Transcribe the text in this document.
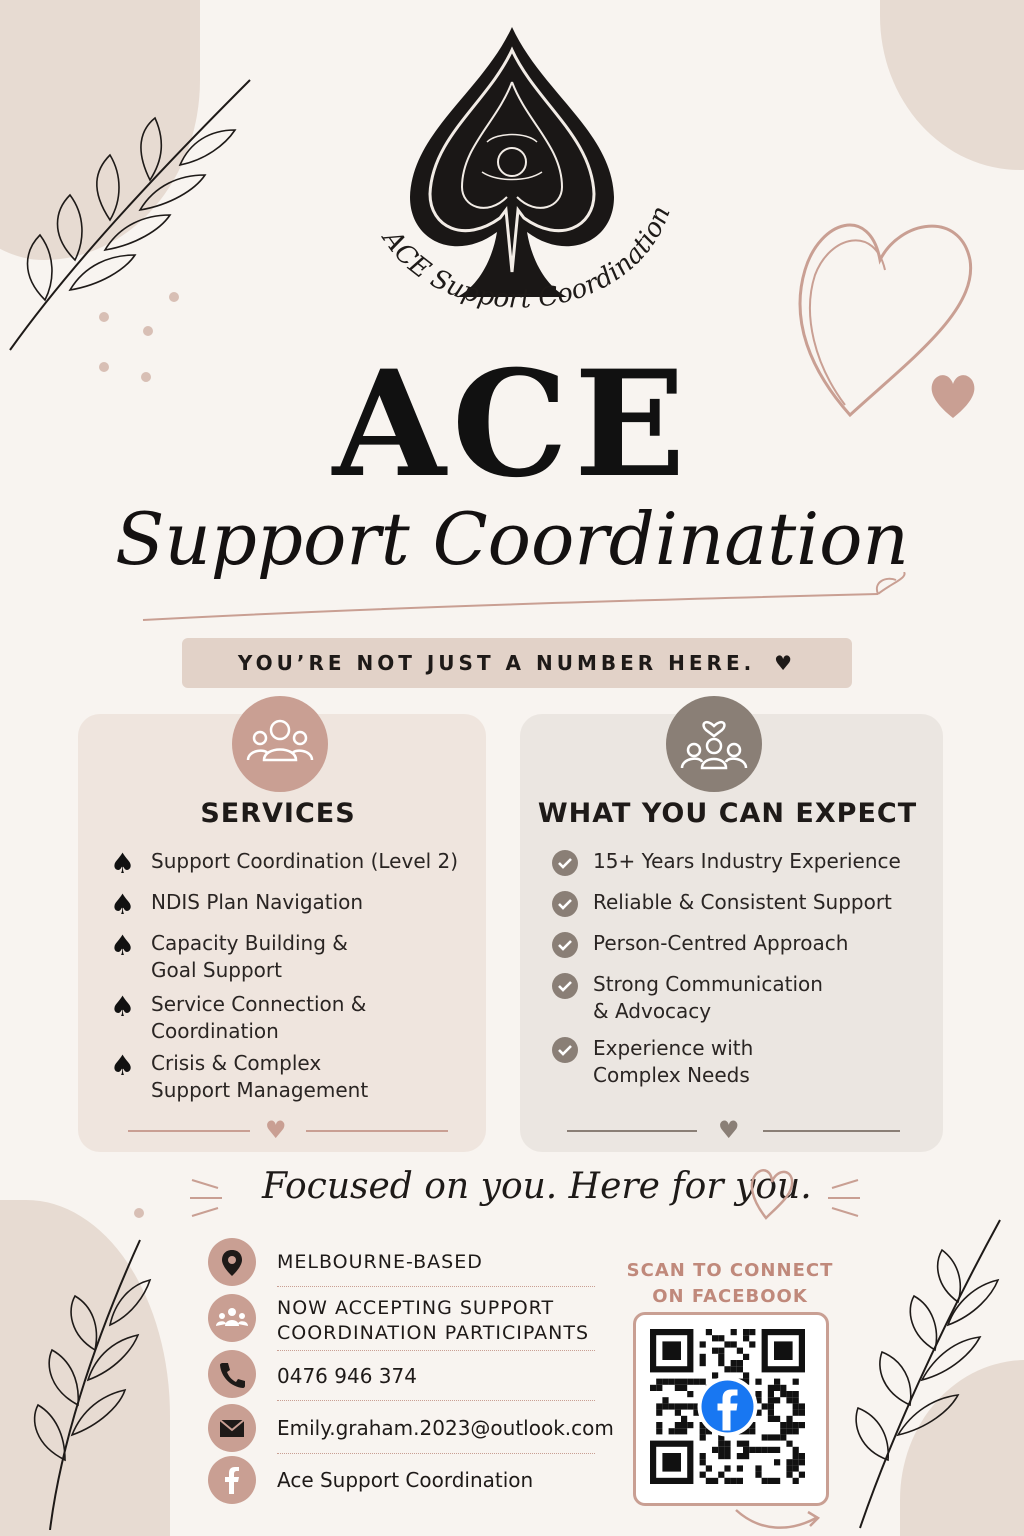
ACE Support Coordination
ACE
Support Coordination
YOU’RE NOT JUST A NUMBER HERE. ♥
SERVICES	WHAT YOU CAN EXPECT
♠ Support Coordination (Level 2)
♠ NDIS Plan Navigation
♠ Capacity Building &
Goal Support
♠ Service Connection &
Coordination
♠ Crisis & Complex
Support Management
15+ Years Industry Experience
Reliable & Consistent Support
Person-Centred Approach
Strong Communication
& Advocacy
Experience with
Complex Needs
♥	♥
Focused on you. Here for you.
MELBOURNE-BASED
NOW ACCEPTING SUPPORT
COORDINATION PARTICIPANTS
0476 946 374
Emily.graham.2023@outlook.com
Ace Support Coordination
SCAN TO CONNECT
ON FACEBOOK
